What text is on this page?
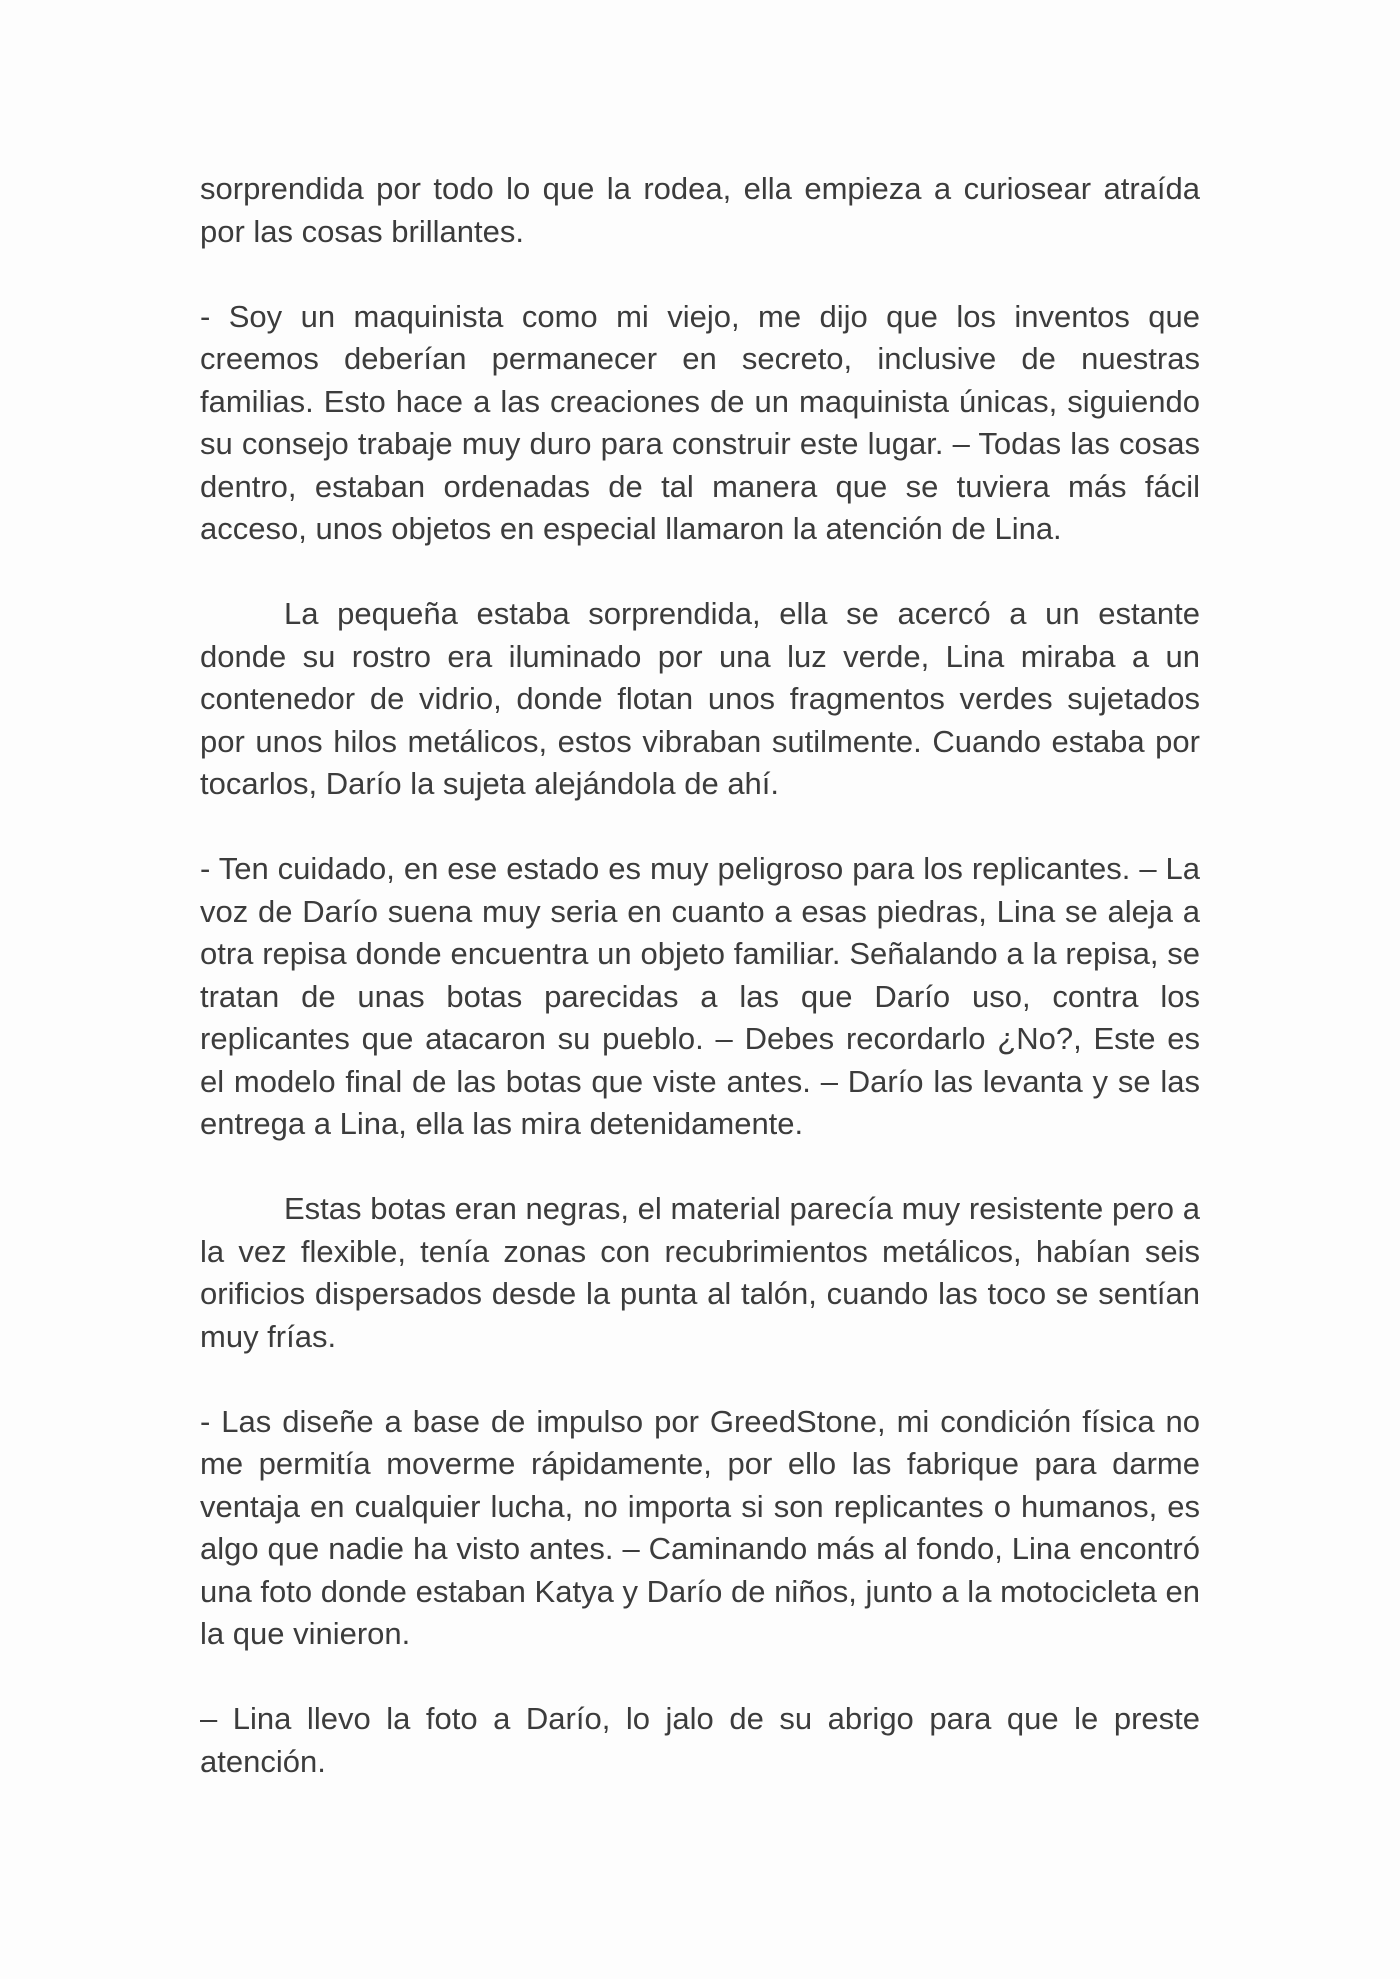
sorprendida por todo lo que la rodea, ella empieza a curiosear atraída por las cosas brillantes.

- Soy un maquinista como mi viejo, me dijo que los inventos que creemos deberían permanecer en secreto, inclusive de nuestras familias. Esto hace a las creaciones de un maquinista únicas, siguiendo su consejo trabaje muy duro para construir este lugar. – Todas las cosas dentro, estaban ordenadas de tal manera que se tuviera más fácil acceso, unos objetos en especial llamaron la atención de Lina.

La pequeña estaba sorprendida, ella se acercó a un estante donde su rostro era iluminado por una luz verde, Lina miraba a un contenedor de vidrio, donde flotan unos fragmentos verdes sujetados por unos hilos metálicos, estos vibraban sutilmente. Cuando estaba por tocarlos, Darío la sujeta alejándola de ahí.

- Ten cuidado, en ese estado es muy peligroso para los replicantes. – La voz de Darío suena muy seria en cuanto a esas piedras, Lina se aleja a otra repisa donde encuentra un objeto familiar. Señalando a la repisa, se tratan de unas botas parecidas a las que Darío uso, contra los replicantes que atacaron su pueblo. – Debes recordarlo ¿No?, Este es el modelo final de las botas que viste antes. – Darío las levanta y se las entrega a Lina, ella las mira detenidamente.

Estas botas eran negras, el material parecía muy resistente pero a la vez flexible, tenía zonas con recubrimientos metálicos, habían seis orificios dispersados desde la punta al talón, cuando las toco se sentían muy frías.

- Las diseñe a base de impulso por GreedStone, mi condición física no me permitía moverme rápidamente, por ello las fabrique para darme ventaja en cualquier lucha, no importa si son replicantes o humanos, es algo que nadie ha visto antes. – Caminando más al fondo, Lina encontró una foto donde estaban Katya y Darío de niños, junto a la motocicleta en la que vinieron.

– Lina llevo la foto a Darío, lo jalo de su abrigo para que le preste atención.
